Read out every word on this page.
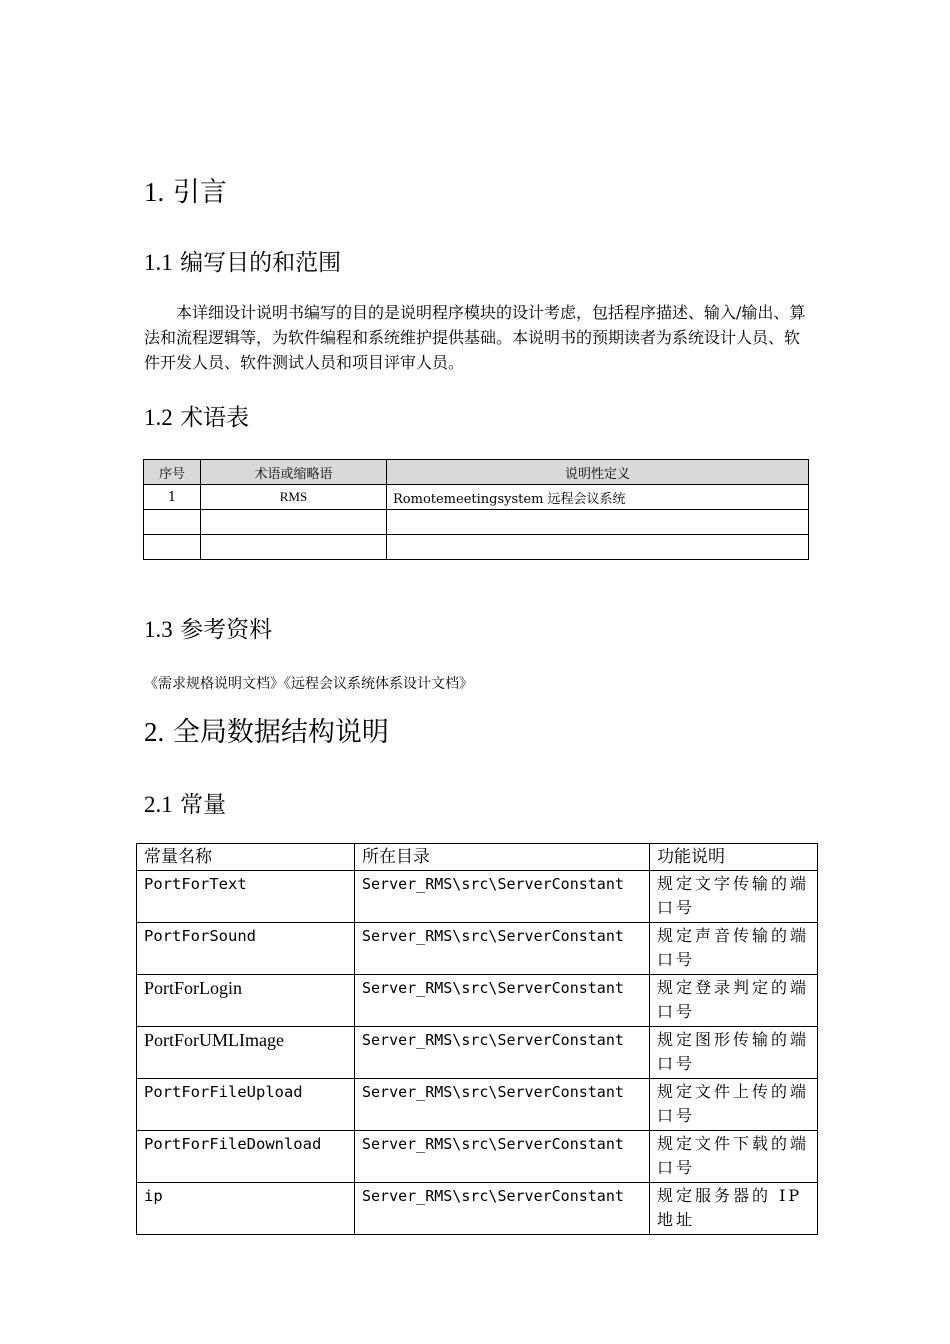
1. 引言
1.1 编写目的和范围

　　本详细设计说明书编写的目的是说明程序模块的设计考虑，包括程序描述、输入/输出、算法和流程逻辑等，为软件编程和系统维护提供基础。本说明书的预期读者为系统设计人员、软件开发人员、软件测试人员和项目评审人员。

1.2 术语表
序号	术语或缩略语	说明性定义
1	RMS	Romotemeetingsystem 远程会议系统

1.3 参考资料
《需求规格说明文档》《远程会议系统体系设计文档》
2. 全局数据结构说明
2.1 常量
常量名称	所在目录	功能说明
PortForText	Server_RMS\src\ServerConstant	规定文字传输的端口号
PortForSound	Server_RMS\src\ServerConstant	规定声音传输的端口号
PortForLogin	Server_RMS\src\ServerConstant	规定登录判定的端口号
PortForUMLImage	Server_RMS\src\ServerConstant	规定图形传输的端口号
PortForFileUpload	Server_RMS\src\ServerConstant	规定文件上传的端口号
PortForFileDownload	Server_RMS\src\ServerConstant	规定文件下载的端口号
ip	Server_RMS\src\ServerConstant	规定服务器的 IP 地址
